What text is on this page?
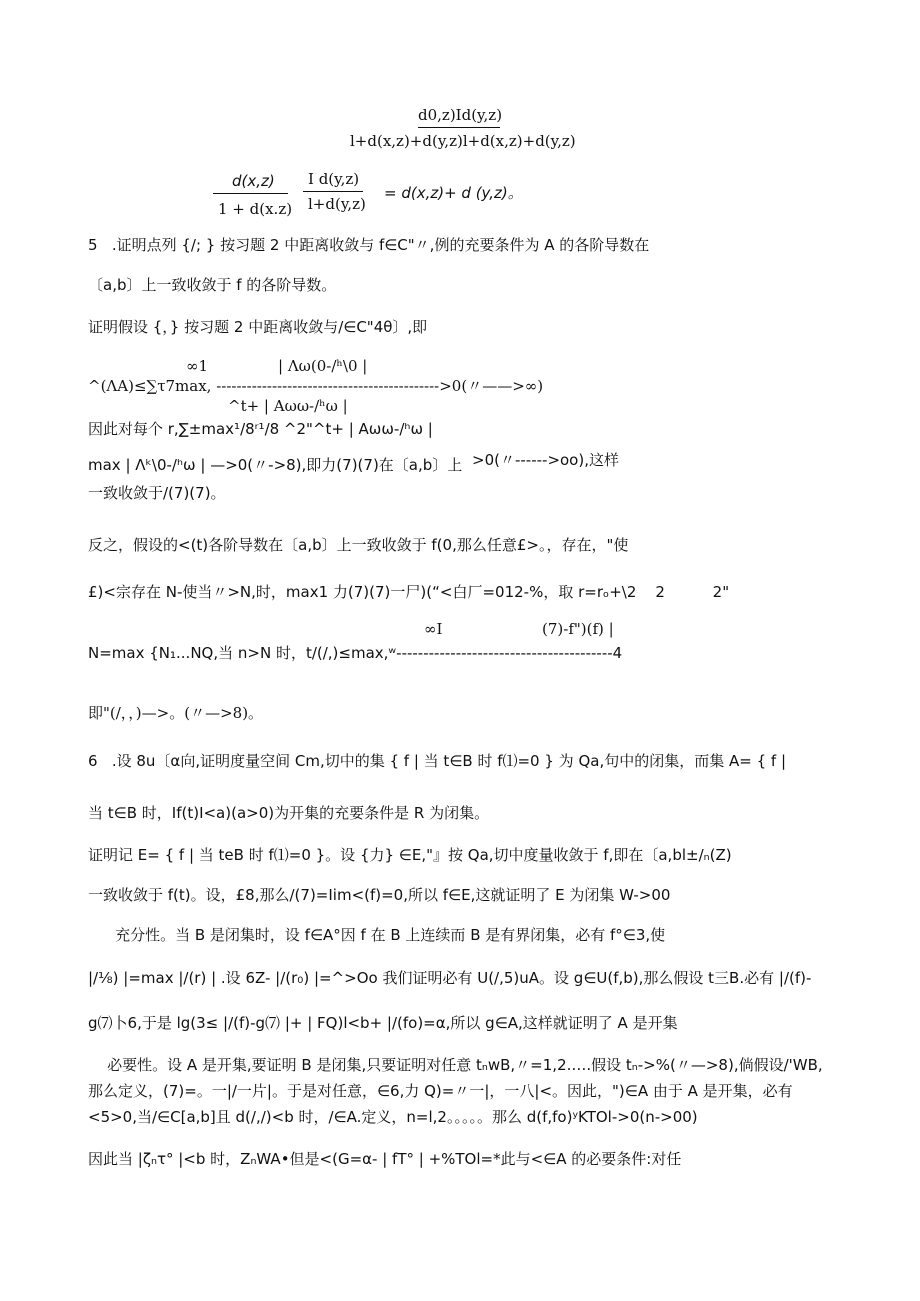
d0,z)Id(y,z)
l+d(x,z)+d(y,z)l+d(x,z)+d(y,z)
d(x,z)
1 + d(x.z)
I d(y,z)
l+d(y,z)
= d(x,z)+ d (y,z)。
5   .证明点列 {/; } 按习题 2 中距离收敛与 f∈C"〃,例的充要条件为 A 的各阶导数在
〔a,b〕上一致收敛于 f 的各阶导数。
证明假设 {，} 按习题 2 中距离收敛与/∈C"4θ〕,即
∞1	| Λω(0-/ʰ\0 |
^(ΛA)≤∑τ7max, -------------------------------------------->0(〃——>∞)
^t+ | Aωω-/ʰω |
因此对每个 r,∑±max¹/8ʳ¹/8 ^2"^t+ | Aωω-/ʰω |
max | Λᵏ\0-/ʰω | —>0(〃->8),即力(7)(7)在〔a,b〕上 >0(〃------>oo),这样
一致收敛于/(7)(7)。
反之，假设的<(t)各阶导数在〔a,b〕上一致收敛于 f(0,那么任意£>。，存在，"使
£)<宗存在 N-使当〃>N,时，max1 力(7)(7)一尸)(“<白厂=012-%，取 r=rₒ+\2    2          2"
∞I	(7)-f")(f) |
N=max {N₁...NQ,当 n>N 时，t/(/,)≤max,ʷ----------------------------------------4
即"(/，，)—>。(〃—>8)。
6   .设 8u〔α向,证明度量空间 Cm,切中的集 { f | 当 t∈B 时 f⑴=0 } 为 Qa,句中的闭集，而集 A= { f |
当 t∈B 时，If(t)I<a)(a>0)为开集的充要条件是 R 为闭集。
证明记 E= { f | 当 teB 时 f⑴=0 }。设 {力} ∈E,"』按 Qa,切中度量收敛于 f,即在〔a,bl±/ₙ(Z)
一致收敛于 f(t)。设，£8,那么/(7)=Iim<(f)=0,所以 f∈E,这就证明了 E 为闭集 W->00
充分性。当 B 是闭集时，设 f∈A°因 f 在 B 上连续而 B 是有界闭集，必有 f°∈3,使
|/⅛) |=max |/(r) | .设 6Z- |/(r₀) |=^>Oo 我们证明必有 U(/,5)uA。设 g∈U(f,b),那么假设 t三B.必有 |/(f)-
g⑺卜6,于是 lg(3≤ |/(f)-g⑺ |+ | FQ)l<b+ |/(fo)=α,所以 g∈A,这样就证明了 A 是开集
必要性。设 A 是开集,要证明 B 是闭集,只要证明对任意 tₙwB,〃=1,2.….假设 tₙ->%(〃—>8),倘假设/'WB,
那么定义，(7)=。一|/一片|。于是对任意，∈6,力 Q)=〃一|，一八|<。因此，")∈A 由于 A 是开集，必有
<5>0,当/∈C[a,b]且 d(/,/)<b 时，/∈A.定义，n=l,2。。。。。那么 d(f,fo)ʸKTOl->0(n->00)
因此当 |ζₙτ° |<b 时，ZₙWA•但是<(G=α- | fT° | +%TOl=*此与<∈A 的必要条件:对任
